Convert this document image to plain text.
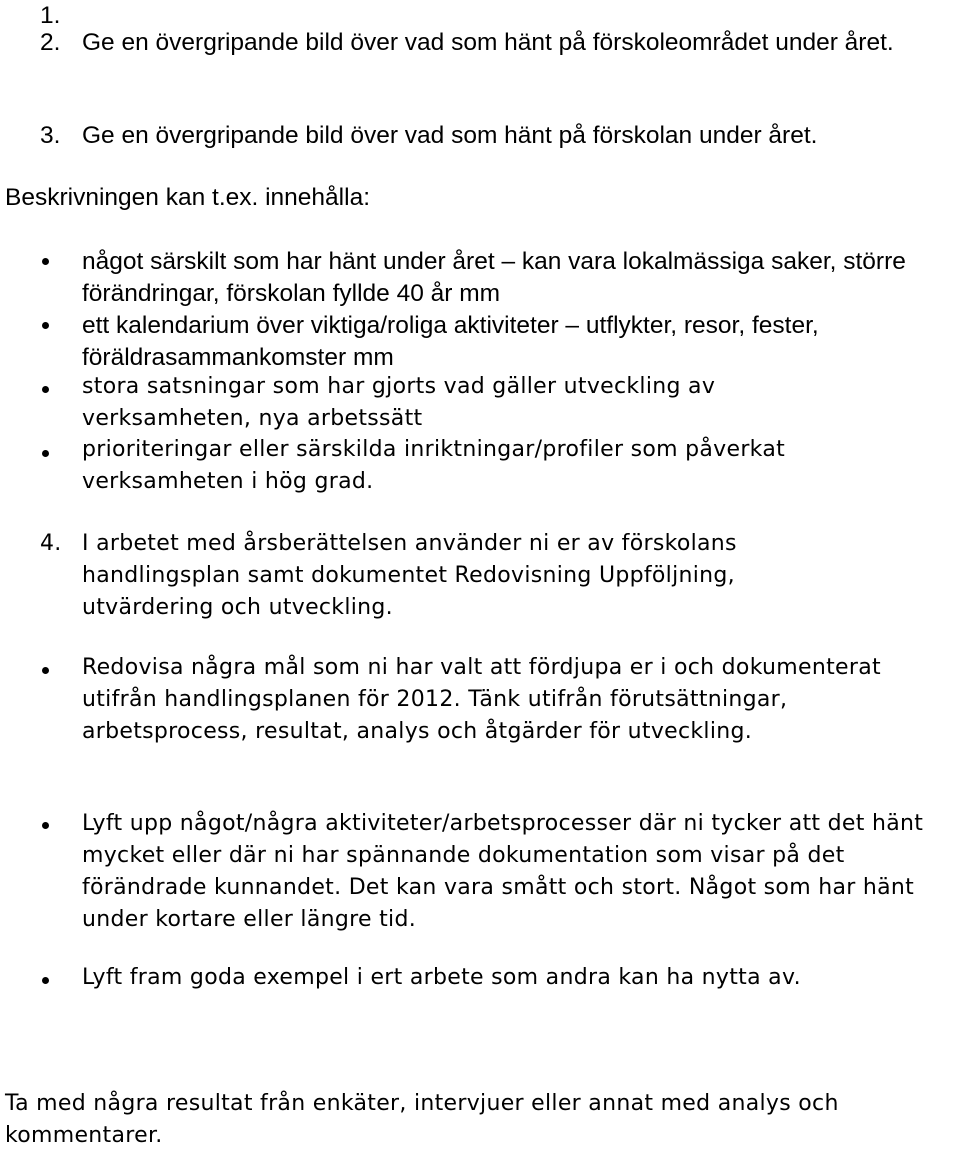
1.
2. Ge en övergripande bild över vad som hänt på förskoleområdet under året.
3. Ge en övergripande bild över vad som hänt på förskolan under året.
Beskrivningen kan t.ex. innehålla:
något särskilt som har hänt under året – kan vara lokalmässiga saker, större förändringar, förskolan fyllde 40 år mm
ett kalendarium över viktiga/roliga aktiviteter – utflykter, resor, fester, föräldrasammankomster mm
stora satsningar som har gjorts vad gäller utveckling av verksamheten, nya arbetssätt
prioriteringar eller särskilda inriktningar/profiler som påverkat verksamheten i hög grad.
4. I arbetet med årsberättelsen använder ni er av förskolans handlingsplan samt dokumentet Redovisning Uppföljning, utvärdering och utveckling.
Redovisa några mål som ni har valt att fördjupa er i och dokumenterat utifrån handlingsplanen för 2012. Tänk utifrån förutsättningar, arbetsprocess, resultat, analys och åtgärder för utveckling.
Lyft upp något/några aktiviteter/arbetsprocesser där ni tycker att det hänt mycket eller där ni har spännande dokumentation som visar på det förändrade kunnandet. Det kan vara smått och stort. Något som har hänt under kortare eller längre tid.
Lyft fram goda exempel i ert arbete som andra kan ha nytta av.
Ta med några resultat från enkäter, intervjuer eller annat med analys och kommentarer.
